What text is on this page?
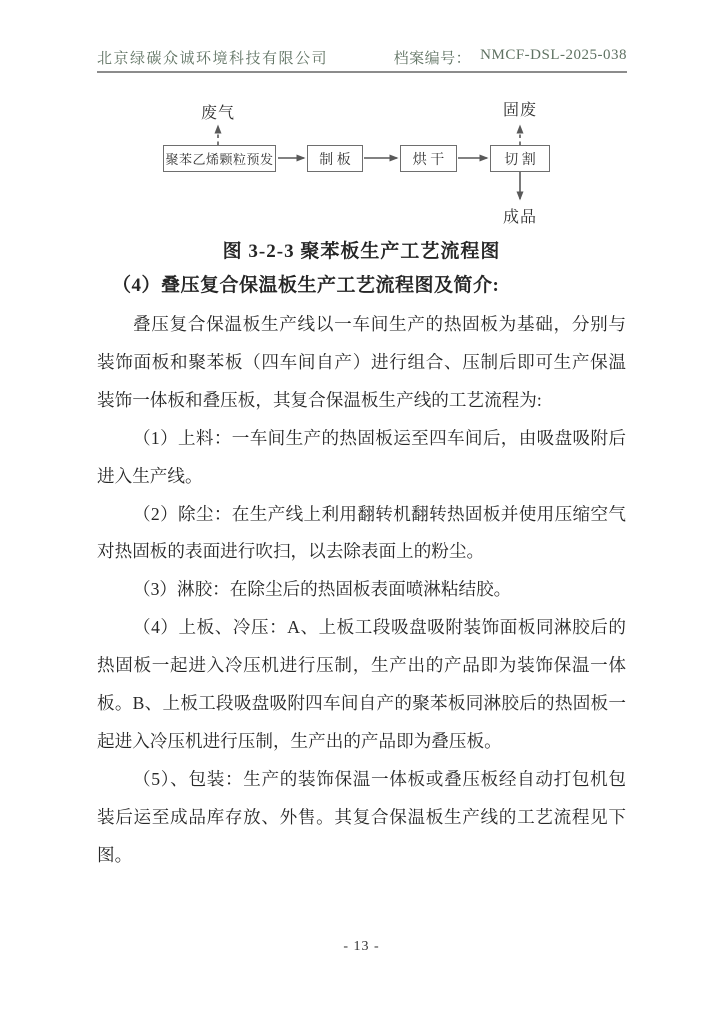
北京绿碳众诚环境科技有限公司	档案编号： NMCF-DSL-2025-038
聚苯乙烯颗粒预发	制 板	烘 干	切 割
废气	固废
成品
图 3-2-3 聚苯板生产工艺流程图
（4）叠压复合保温板生产工艺流程图及简介:
叠压复合保温板生产线以一车间生产的热固板为基础，分别与
装饰面板和聚苯板（四车间自产）进行组合、压制后即可生产保温
装饰一体板和叠压板，其复合保温板生产线的工艺流程为:
（1）上料：一车间生产的热固板运至四车间后，由吸盘吸附后
进入生产线。
（2）除尘：在生产线上利用翻转机翻转热固板并使用压缩空气
对热固板的表面进行吹扫，以去除表面上的粉尘。
（3）淋胶：在除尘后的热固板表面喷淋粘结胶。
（4）上板、冷压：A、上板工段吸盘吸附装饰面板同淋胶后的
热固板一起进入冷压机进行压制，生产出的产品即为装饰保温一体
板。B、上板工段吸盘吸附四车间自产的聚苯板同淋胶后的热固板一
起进入冷压机进行压制，生产出的产品即为叠压板。
（5）、包装：生产的装饰保温一体板或叠压板经自动打包机包
装后运至成品库存放、外售。其复合保温板生产线的工艺流程见下
图。
- 13 -
